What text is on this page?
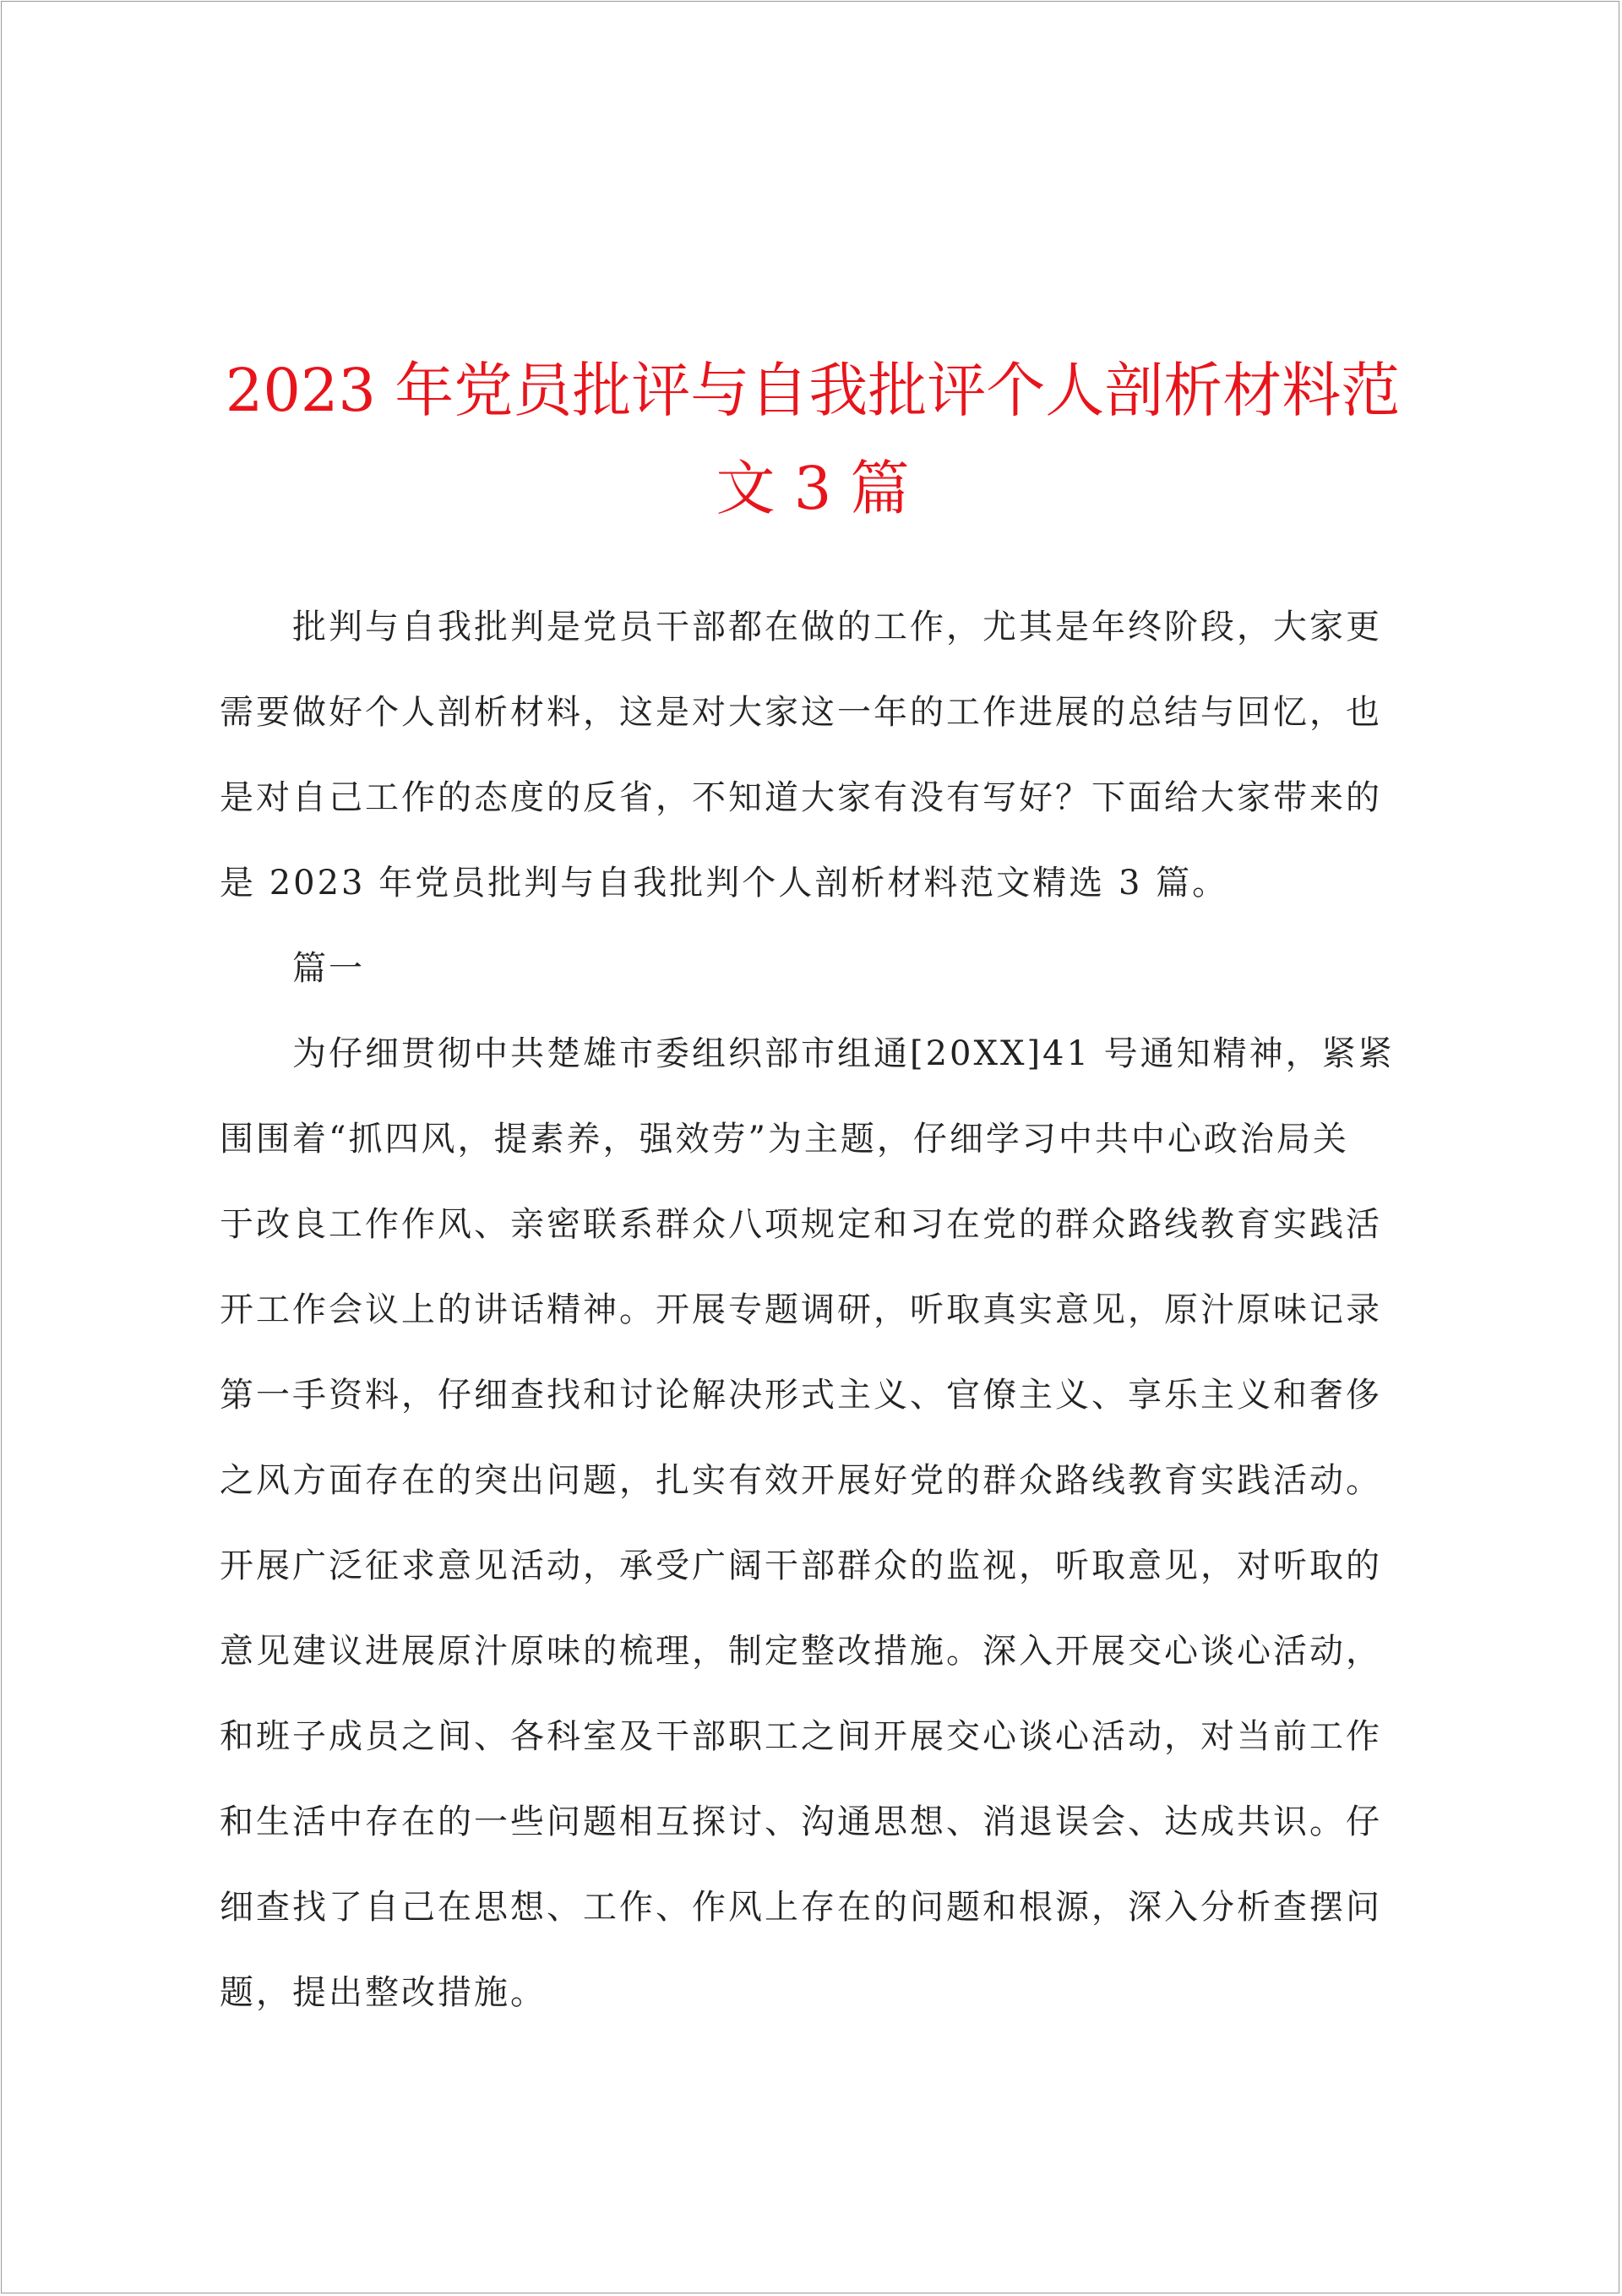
2023 年党员批评与自我批评个人剖析材料范
文 3 篇
　　批判与自我批判是党员干部都在做的工作，尤其是年终阶段，大家更
需要做好个人剖析材料，这是对大家这一年的工作进展的总结与回忆，也
是对自己工作的态度的反省，不知道大家有没有写好？下面给大家带来的
是 2023 年党员批判与自我批判个人剖析材料范文精选 3 篇。
　　篇一
　　为仔细贯彻中共楚雄市委组织部市组通[20XX]41 号通知精神，紧紧
围围着“抓四风，提素养，强效劳”为主题，仔细学习中共中心政治局关
于改良工作作风、亲密联系群众八项规定和习在党的群众路线教育实践活
开工作会议上的讲话精神。开展专题调研，听取真实意见，原汁原味记录
第一手资料，仔细查找和讨论解决形式主义、官僚主义、享乐主义和奢侈
之风方面存在的突出问题，扎实有效开展好党的群众路线教育实践活动。
开展广泛征求意见活动，承受广阔干部群众的监视，听取意见，对听取的
意见建议进展原汁原味的梳理，制定整改措施。深入开展交心谈心活动，
和班子成员之间、各科室及干部职工之间开展交心谈心活动，对当前工作
和生活中存在的一些问题相互探讨、沟通思想、消退误会、达成共识。仔
细查找了自己在思想、工作、作风上存在的问题和根源，深入分析查摆问
题，提出整改措施。
